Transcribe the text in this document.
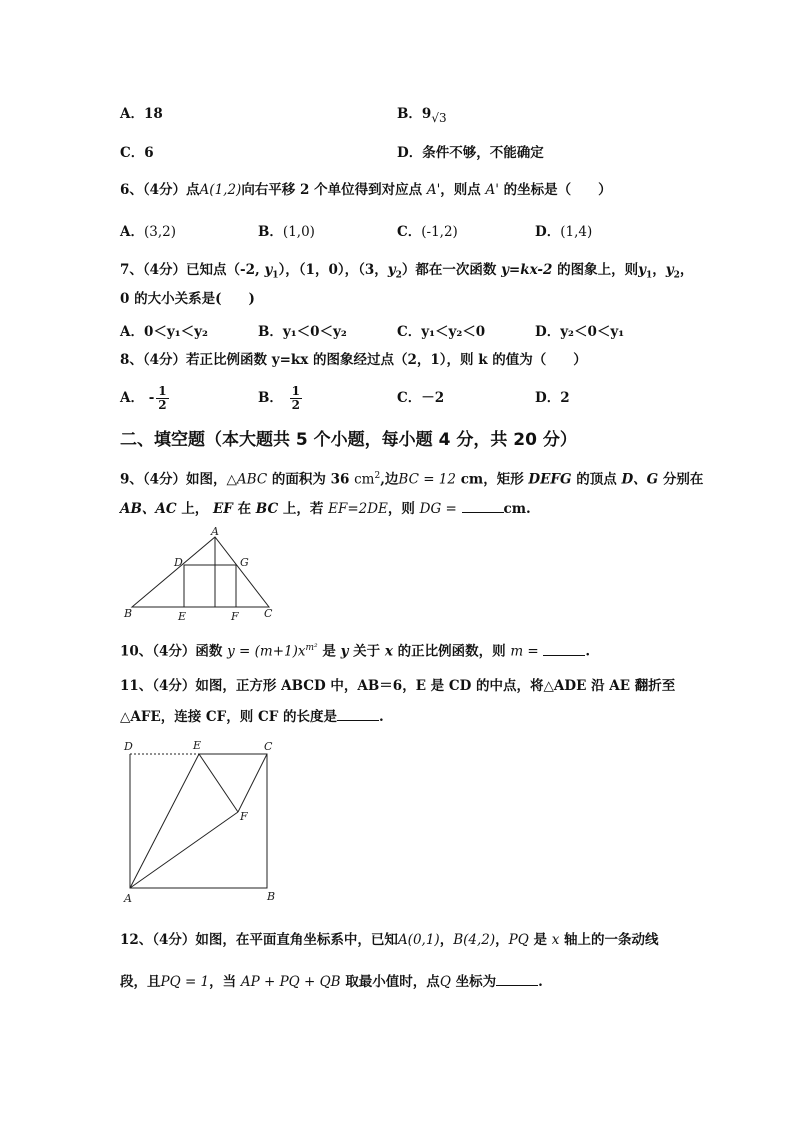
A．18	B．9√3
C．6	D．条件不够，不能确定
6、（4分）点A(1,2)向右平移 2 个单位得到对应点 A'，则点 A' 的坐标是（　　）
A．(3,2)	B．(1,0)	C．(-1,2)	D．(1,4)
7、（4分）已知点（-2, $y_1$），（1，0），（3，$y_2$）都在一次函数 y=kx-2 的图象上，则$y_1$，$y_2$，
0 的大小关系是(　　)
A．0＜y₁＜y₂	B．y₁＜0＜y₂	C．y₁＜y₂＜0	D．y₂＜0＜y₁
8、（4分）若正比例函数 y=kx 的图象经过点（2，1），则 k 的值为（　　）
A． - $\frac{1}{2}$	B． $\frac{1}{2}$	C．－2	D．2
二、填空题（本大题共 5 个小题，每小题 4 分，共 20 分）
9、（4分）如图，△ABC 的面积为 36 $cm^2$,边BC = 12 cm，矩形 DEFG 的顶点 D、G 分别在
AB、AC 上， EF 在 BC 上，若 EF=2DE，则 DG =	cm.
A
B	C
D
E	F
G
10、（4分）函数 $y = (m+1)x^{m^2}$ 是 y 关于 x 的正比例函数，则 m =	.
11、（4分）如图，正方形 ABCD 中，AB＝6，E 是 CD 的中点，将△ADE 沿 AE 翻折至
△AFE，连接 CF，则 CF 的长度是	.
A	B
C
D	E
F
12、（4分）如图，在平面直角坐标系中，已知A(0,1)，B(4,2)，PQ 是 x 轴上的一条动线
段，且PQ = 1，当 AP + PQ + QB 取最小值时，点Q 坐标为	.
